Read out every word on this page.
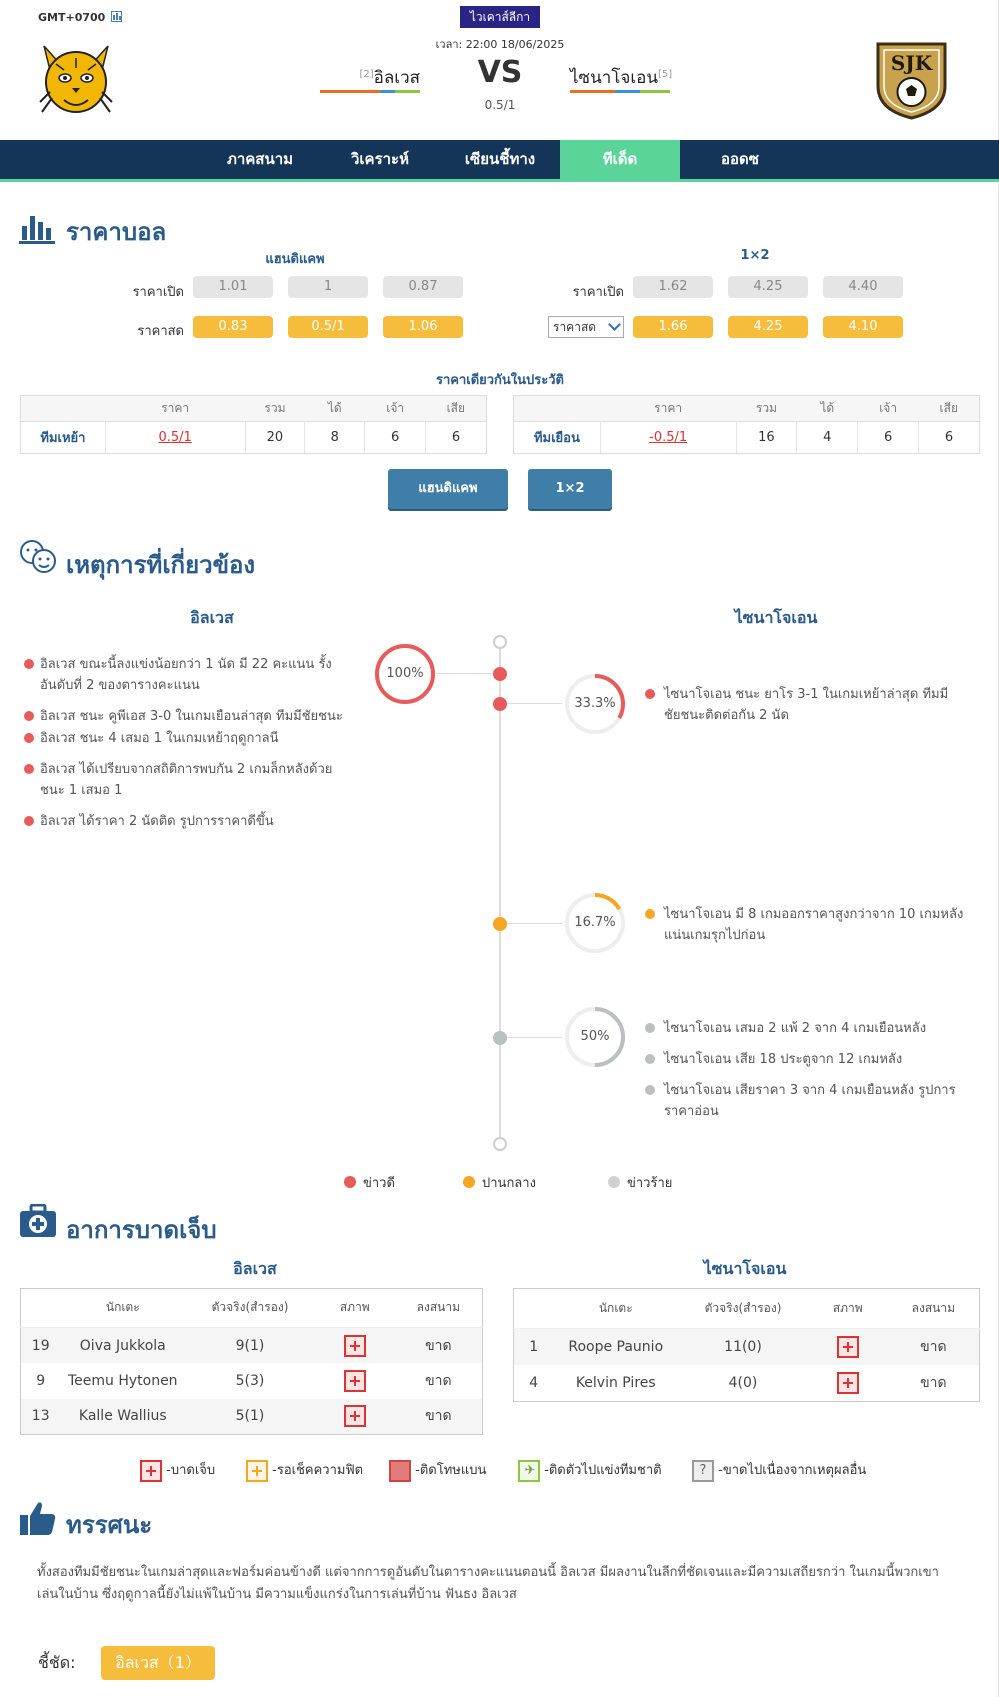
GMT+0700	ไวเคาส์ลีกา
เวลา: 22:00 18/06/2025
[2]อิลเวส VS
0.5/1
ไซนาโจเอน[5]	SJK
ภาคสนาม	วิเคราะห์	เซียนชี้ทาง	ทีเด็ด	ออดซ
ราคาบอล
แฮนดิแคพ	1×2
ราคาเปิด	1.01	1	0.87
ราคาสด	0.83	0.5/1	1.06
ราคาเปิด	1.62	4.25	4.40
ราคาสด	1.66	4.25	4.10
ราคาเดียวกันในประวัติ
	ราคา	รวม	ได้	เจ้า	เสีย
ทีมเหย้า	0.5/1	20	8	6	6
	ราคา	รวม	ได้	เจ้า	เสีย
ทีมเยือน	-0.5/1	16	4	6	6
แฮนดิแคพ	1×2
เหตุการที่เกี่ยวข้อง
อิลเวส	ไซนาโจเอน
100%
อิลเวส ขณะนี้ลงแข่งน้อยกว่า 1 นัด มี 22 คะแนน รั้งอันดับที่ 2 ของตารางคะแนน
อิลเวส ชนะ คูพีเอส 3-0 ในเกมเยือนล่าสุด ทีมมีชัยชนะ
อิลเวส ชนะ 4 เสมอ 1 ในเกมเหย้าฤดูกาลนี
อิลเวส ได้เปรียบจากสถิติการพบกัน 2 เกมล็กหลังด้วยชนะ 1 เสมอ 1
อิลเวส ได้ราคา 2 นัดติด รูปการราคาดีขึ้น
33.3%
ไซนาโจเอน ชนะ ยาโร 3-1 ในเกมเหย้าล่าสุด ทีมมีชัยชนะติดต่อกัน 2 นัด
16.7%
ไซนาโจเอน มี 8 เกมออกราคาสูงกว่าจาก 10 เกมหลัง แน่นเกมรุกไปก่อน
50%
ไซนาโจเอน เสมอ 2 แพ้ 2 จาก 4 เกมเยือนหลัง
ไซนาโจเอน เสีย 18 ประตูจาก 12 เกมหลัง
ไซนาโจเอน เสียราคา 3 จาก 4 เกมเยือนหลัง รูปการราคาอ่อน
ข่าวดี	ปานกลาง	ข่าวร้าย
อาการบาดเจ็บ
อิลเวส	ไซนาโจเอน
	นักเตะ	ตัวจริง(สำรอง)	สภาพ	ลงสนาม
19	Oiva Jukkola	9(1)		ขาด
9	Teemu Hytonen	5(3)		ขาด
13	Kalle Wallius	5(1)		ขาด
	นักเตะ	ตัวจริง(สำรอง)	สภาพ	ลงสนาม
1	Roope Paunio	11(0)		ขาด
4	Kelvin Pires	4(0)		ขาด
-บาดเจ็บ	-รอเช็คความฟิต	-ติดโทษแบน	✈ -ติดตัวไปแข่งทีมชาติ	? -ขาดไปเนื่องจากเหตุผลอื่น
ทรรศนะ
ทั้งสองทีมมีชัยชนะในเกมล่าสุดและฟอร์มค่อนข้างดี แต่จากการดูอันดับในตารางคะแนนตอนนี้ อิลเวส มีผลงานในลีกที่ชัดเจนและมีความเสถียรกว่า ในเกมนี้พวกเขาเล่นในบ้าน ซึ่งฤดูกาลนี้ยังไม่แพ้ในบ้าน มีความแข็งแกร่งในการเล่นที่บ้าน ฟันธง อิลเวส
ชี้ชัด:	อิลเวส（1）
